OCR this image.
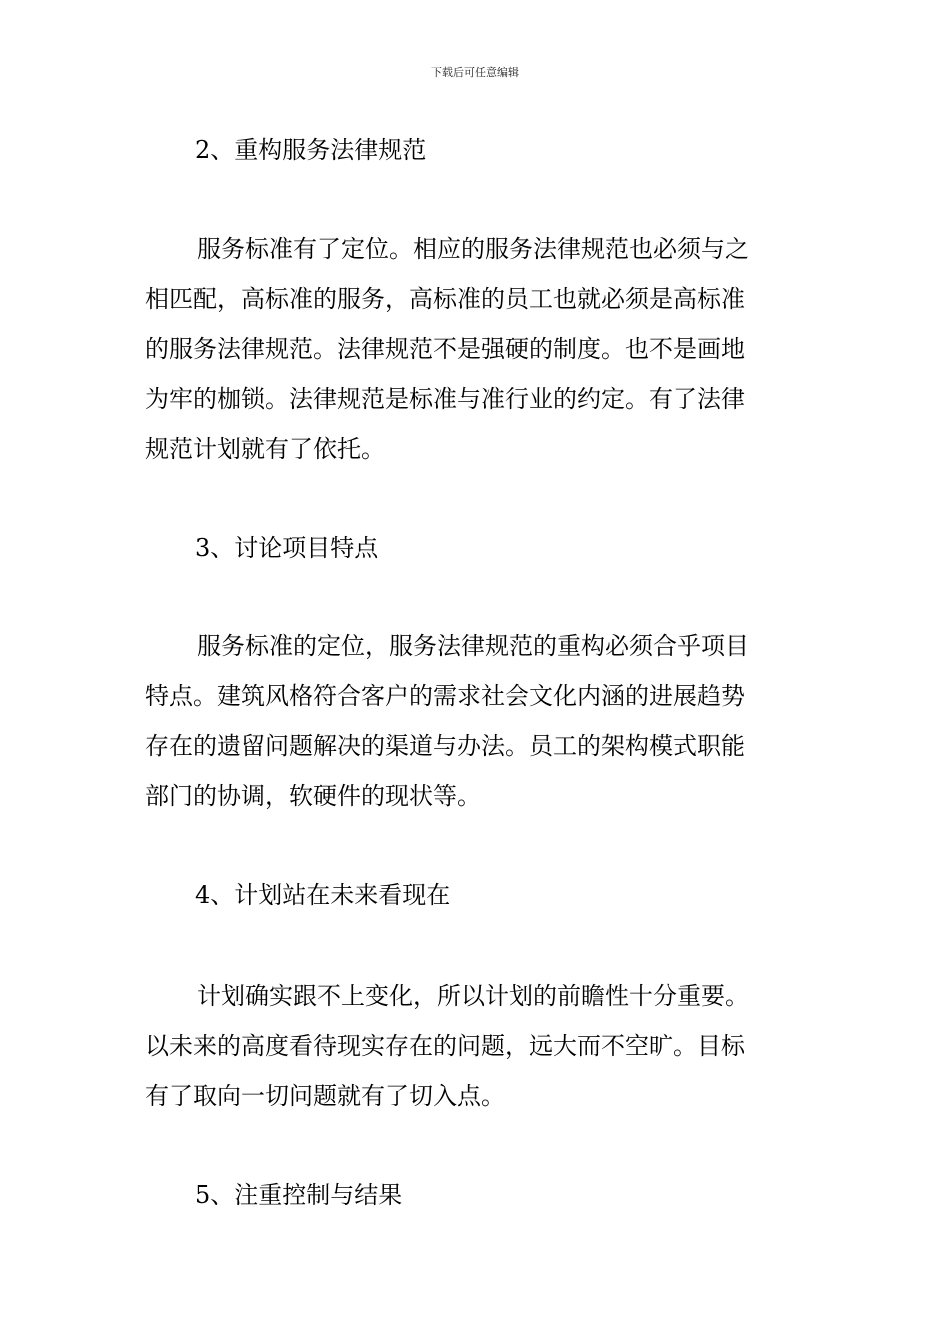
下载后可任意编辑
2、重构服务法律规范
服务标准有了定位。相应的服务法律规范也必须与之
相匹配，高标准的服务，高标准的员工也就必须是高标准
的服务法律规范。法律规范不是强硬的制度。也不是画地
为牢的枷锁。法律规范是标准与准行业的约定。有了法律
规范计划就有了依托。
3、讨论项目特点
服务标准的定位，服务法律规范的重构必须合乎项目
特点。建筑风格符合客户的需求社会文化内涵的进展趋势
存在的遗留问题解决的渠道与办法。员工的架构模式职能
部门的协调，软硬件的现状等。
4、计划站在未来看现在
计划确实跟不上变化，所以计划的前瞻性十分重要。
以未来的高度看待现实存在的问题，远大而不空旷。目标
有了取向一切问题就有了切入点。
5、注重控制与结果
